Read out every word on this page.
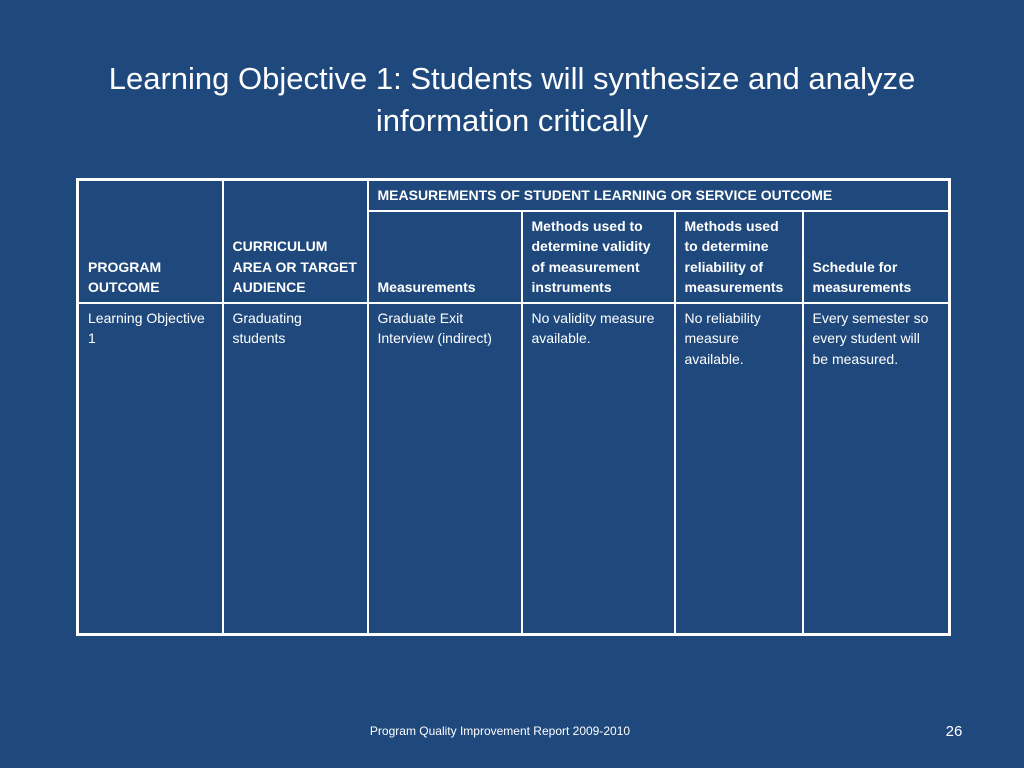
Learning Objective 1: Students will synthesize and analyze
information critically
PROGRAM OUTCOME	CURRICULUM AREA OR TARGET AUDIENCE	MEASUREMENTS OF STUDENT LEARNING OR SERVICE OUTCOME			
		Measurements	Methods used to determine validity of measurement instruments	Methods used to determine reliability of measurements	Schedule for measurements
Learning Objective 1	Graduating students	Graduate Exit Interview (indirect)	No validity measure available.	No reliability measure available.	Every semester so every student will be measured.
Program Quality Improvement Report 2009-2010	26
